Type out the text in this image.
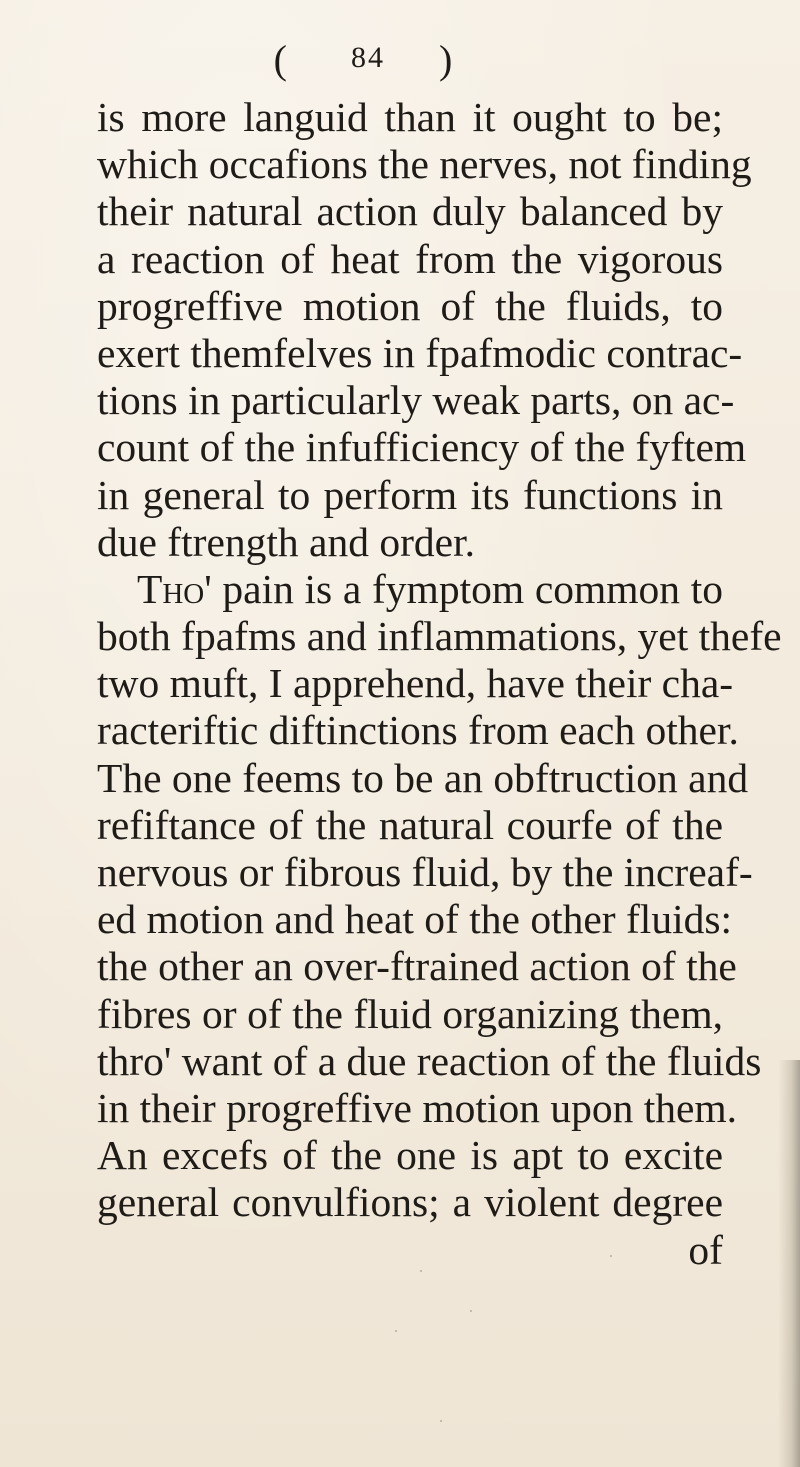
( 84 )
is more languid than it ought to be;
which occafions the nerves, not finding
their natural action duly balanced by
a reaction of heat from the vigorous
progreffive motion of the fluids, to
exert themfelves in fpafmodic contrac-
tions in particularly weak parts, on ac-
count of the infufficiency of the fyftem
in general to perform its functions in
due ftrength and order.
Tho' pain is a fymptom common to
both fpafms and inflammations, yet thefe
two muft, I apprehend, have their cha-
racteriftic diftinctions from each other.
The one feems to be an obftruction and
refiftance of the natural courfe of the
nervous or fibrous fluid, by the increaf-
ed motion and heat of the other fluids:
the other an over-ftrained action of the
fibres or of the fluid organizing them,
thro' want of a due reaction of the fluids
in their progreffive motion upon them.
An excefs of the one is apt to excite
general convulfions; a violent degree
of
